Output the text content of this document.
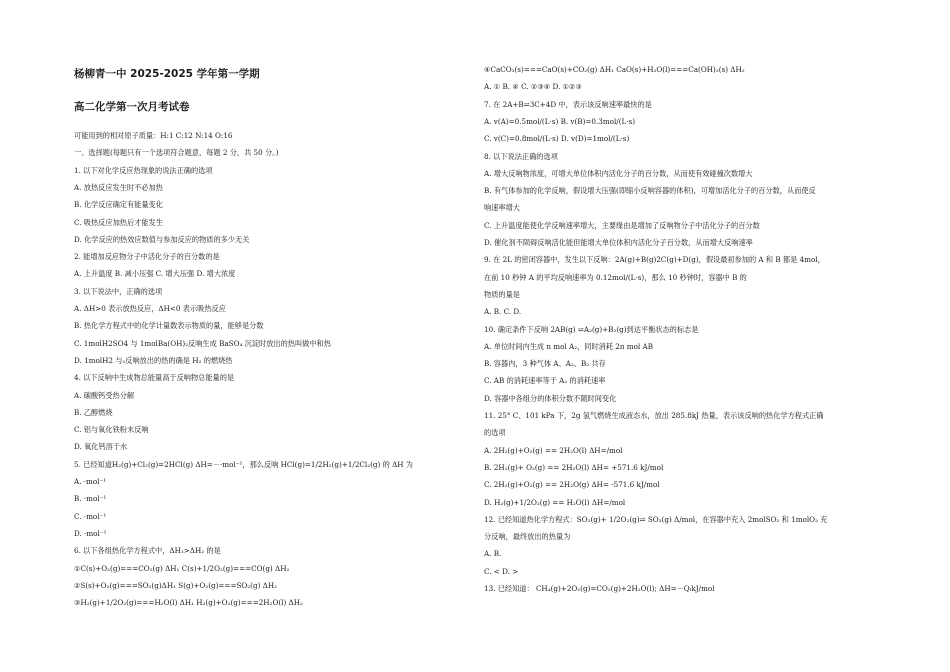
杨柳青一中 2025-2025 学年第一学期
高二化学第一次月考试卷
可能用到的相对原子质量：H:1 C:12 N:14 O:16
一、选择题(每题只有一个选项符合题意，每题 2 分，共 50 分。)
1. 以下对化学反应热现象的说法正确的选项
A. 放热反应发生时不必加热
B. 化学反应确定有能量变化
C. 吸热反应加热后才能发生
D. 化学反应的热效应数值与参加反应的物质的多少无关
2. 能增加反应物分子中活化分子的百分数的是
A. 上升温度 B. 减小压强 C. 增大压强 D. 增大浓度
3. 以下说法中，正确的选项
A. ΔH>0 表示放热反应，ΔH<0 表示吸热反应
B. 热化学方程式中的化学计量数表示物质的量，能够是分数
C. 1molH2SO4 与 1molBa(OH)₂反响生成 BaSO₄ 沉淀时放出的热叫做中和热
D. 1molH2 与₂反响放出的热的确是 H₂ 的燃烧热
4. 以下反响中生成物总能量高于反响物总能量的是
A. 碳酸钙受热分解
B. 乙醇燃烧
C. 铝与氧化铁粉末反响
D. 氧化钙溶于水
5. 已经知道H₂(g)+Cl₂(g)=2HCl(g) ΔH=－·mol⁻¹，那么反响 HCl(g)=1/2H₂(g)+1/2Cl₂(g) 的 ΔH 为
A. ·mol⁻¹
B. ·mol⁻¹
C. ·mol⁻¹
D. ·mol⁻¹
6. 以下各组热化学方程式中，ΔH₁>ΔH₂ 的是
①C(s)+O₂(g)===CO₂(g) ΔH₁ C(s)+1/2O₂(g)===CO(g) ΔH₂
②S(s)+O₂(g)===SO₂(g)ΔH₁ S(g)+O₂(g)===SO₂(g) ΔH₂
③H₂(g)+1/2O₂(g)===H₂O(l) ΔH₁ H₂(g)+O₂(g)===2H₂O(l) ΔH₂
④CaCO₃(s)===CaO(s)+CO₂(g) ΔH₁ CaO(s)+H₂O(l)===Ca(OH)₂(s) ΔH₂
A. ① B. ④ C. ②③④ D. ①②③
7. 在 2A+B⇌3C+4D 中，表示该反响速率最快的是
A. v(A)=0.5mol/(L·s) B. v(B)=0.3mol/(L·s)
C. v(C)=0.8mol/(L·s) D. v(D)=1mol/(L·s)
8. 以下说法正确的选项
A. 增大反响物浓度，可增大单位体积内活化分子的百分数，从而使有效碰撞次数增大
B. 有气体参加的化学反响，假设增大压强(即缩小反响容器的体积)，可增加活化分子的百分数，从而使反
响速率增大
C. 上升温度能使化学反响速率增大，主要缘由是增加了反响物分子中活化分子的百分数
D. 催化剂不陨碍反响活化能但能增大单位体积内活化分子百分数，从而增大反响速率
9. 在 2L 的密闭容器中，发生以下反响：2A(g)+B(g)2C(g)+D(g)，假设最初参加的 A 和 B 都是 4mol，
在前 10 秒钟 A 的平均反响速率为 0.12mol/(L·s)，那么 10 秒钟时，容器中 B 的
物质的量是
A. B. C. D.
10. 确定条件下反响 2AB(g) ⇌A₂(g)+B₂(g)到达平衡状态的标志是
A. 单位时间内生成 n mol A₂，同时消耗 2n mol AB
B. 容器内，3 种气体 A、A₂、B₂ 共存
C. AB 的消耗速率等于 A₂ 的消耗速率
D. 容器中各组分的体积分数不随时间变化
11. 25° C、101 kPa 下，2g 氢气燃烧生成液态水，放出 285.8kJ 热量，表示该反响的热化学方程式正确
的选项
A. 2H₂(g)+O₂(g) == 2H₂O(l) ΔH=/mol
B. 2H₂(g)+ O₂(g) == 2H₂O(l) ΔH= +571.6 kJ/mol
C. 2H₂(g)+O₂(g) == 2H₂O(g) ΔH= -571.6 kJ/mol
D. H₂(g)+1/2O₂(g) == H₂O(l) ΔH=/mol
12. 已经知道热化学方程式：SO₂(g)+ 1/2O₂(g)⇌ SO₃(g) Δ/mol，在容器中充入 2molSO₂ 和 1molO₂ 充
分反响，最终放出的热量为
A. B.
C. < D. >
13. 已经知道： CH₄(g)+2O₂(g)=CO₂(g)+2H₂O(l); ΔH=－QₗkJ/mol
